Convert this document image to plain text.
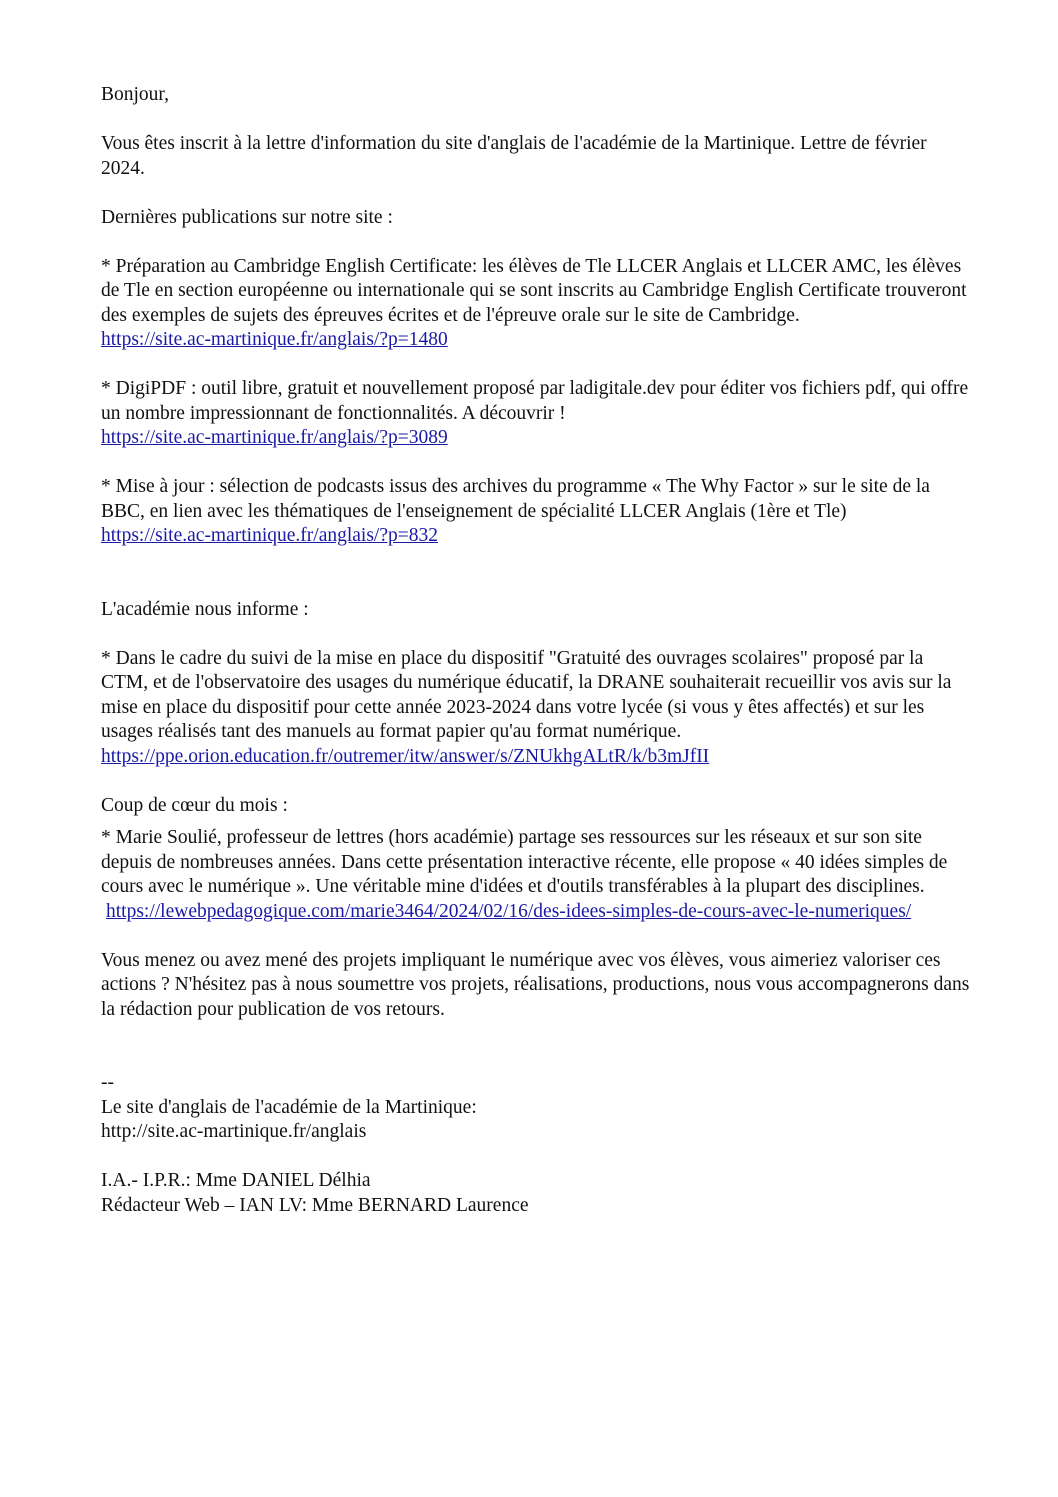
Bonjour,

Vous êtes inscrit à la lettre d'information du site d'anglais de l'académie de la Martinique. Lettre de février 2024.

Dernières publications sur notre site :

* Préparation au Cambridge English Certificate: les élèves de Tle LLCER Anglais et LLCER AMC, les élèves de Tle en section européenne ou internationale qui se sont inscrits au Cambridge English Certificate trouveront des exemples de sujets des épreuves écrites et de l'épreuve orale sur le site de Cambridge.

https://site.ac-martinique.fr/anglais/?p=1480

* DigiPDF : outil libre, gratuit et nouvellement proposé par ladigitale.dev pour éditer vos fichiers pdf, qui offre un nombre impressionnant de fonctionnalités. A découvrir !

https://site.ac-martinique.fr/anglais/?p=3089

* Mise à jour : sélection de podcasts issus des archives du programme « The Why Factor » sur le site de la BBC, en lien avec les thématiques de l'enseignement de spécialité LLCER Anglais (1ère et Tle)

https://site.ac-martinique.fr/anglais/?p=832

L'académie nous informe :

* Dans le cadre du suivi de la mise en place du dispositif "Gratuité des ouvrages scolaires" proposé par la CTM, et de l'observatoire des usages du numérique éducatif, la DRANE souhaiterait recueillir vos avis sur la mise en place du dispositif pour cette année 2023-2024 dans votre lycée (si vous y êtes affectés) et sur les usages réalisés tant des manuels au format papier qu'au format numérique.

https://ppe.orion.education.fr/outremer/itw/answer/s/ZNUkhgALtR/k/b3mJfII

Coup de cœur du mois :

* Marie Soulié, professeur de lettres (hors académie) partage ses ressources sur les réseaux et sur son site depuis de nombreuses années. Dans cette présentation interactive récente, elle propose « 40 idées simples de cours avec le numérique ». Une véritable mine d'idées et d'outils transférables à la plupart des disciplines.

https://lewebpedagogique.com/marie3464/2024/02/16/des-idees-simples-de-cours-avec-le-numeriques/

Vous menez ou avez mené des projets impliquant le numérique avec vos élèves, vous aimeriez valoriser ces actions ? N'hésitez pas à nous soumettre vos projets, réalisations, productions, nous vous accompagnerons dans la rédaction pour publication de vos retours.

--

Le site d'anglais de l'académie de la Martinique:

http://site.ac-martinique.fr/anglais

I.A.- I.P.R.: Mme DANIEL Délhia

Rédacteur Web – IAN LV: Mme BERNARD Laurence
